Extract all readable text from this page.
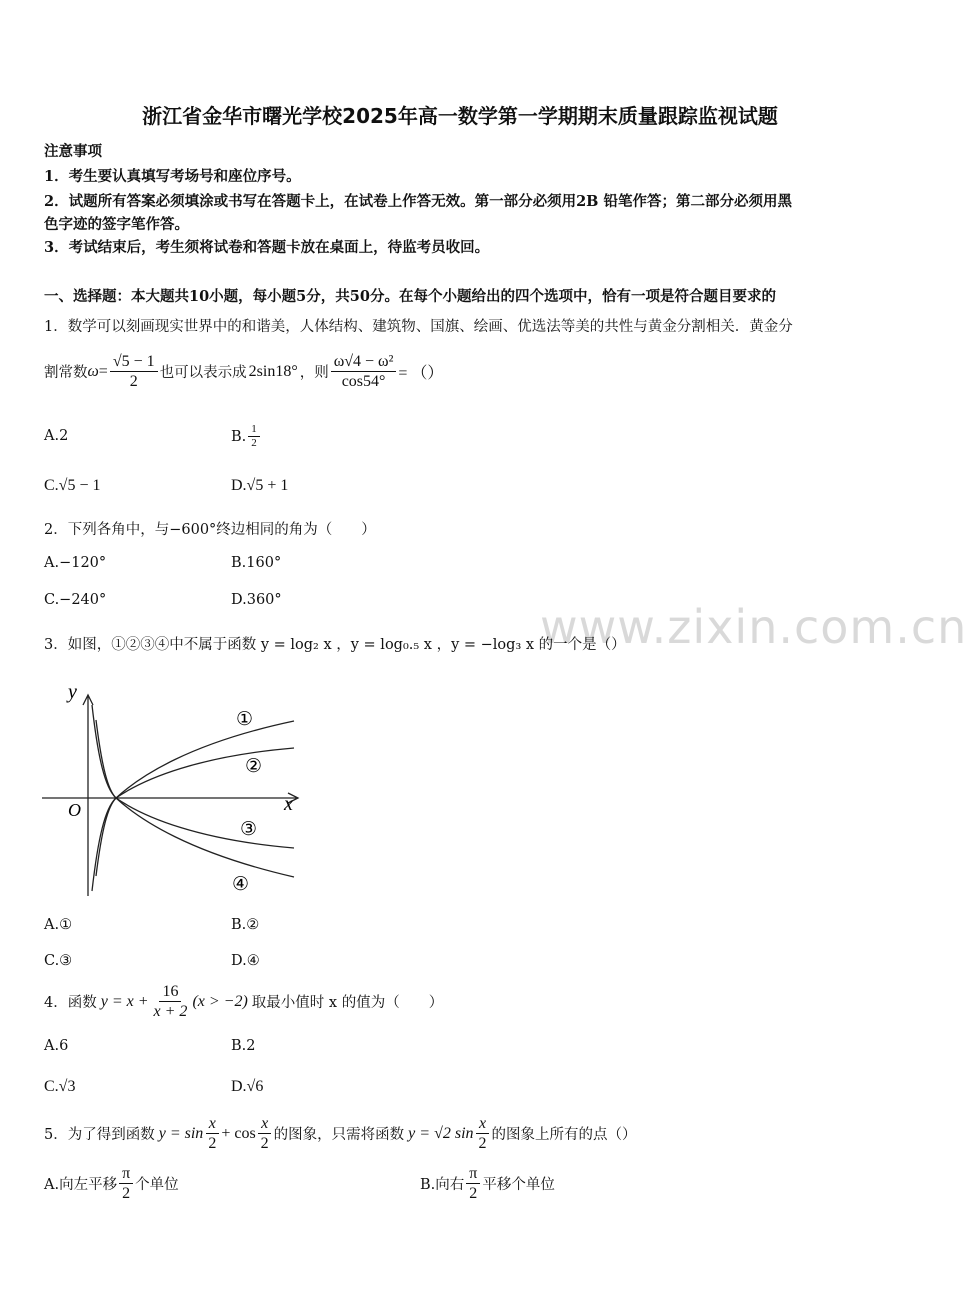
www.zixin.com.cn
浙江省金华市曙光学校2025年高一数学第一学期期末质量跟踪监视试题
注意事项
1．考生要认真填写考场号和座位序号。
2．试题所有答案必须填涂或书写在答题卡上，在试卷上作答无效。第一部分必须用2B 铅笔作答；第二部分必须用黑
色字迹的签字笔作答。
3．考试结束后，考生须将试卷和答题卡放在桌面上，待监考员收回。
一、选择题：本大题共10小题，每小题5分，共50分。在每个小题给出的四个选项中，恰有一项是符合题目要求的
1．数学可以刻画现实世界中的和谐美，人体结构、建筑物、国旗、绘画、优选法等美的共性与黄金分割相关．黄金分
割常数 $\omega = \frac{√5 - 1}{2}$ 也可以表示成 2sin18° ，则 $\frac{\text{ω√4 − ω²}}{\cos 54^\circ}$ = （）
A.2	B. $\frac{1}{2}$
C.√5 − 1	D.√5 + 1
2．下列各角中，与−600°终边相同的角为（　　）
A.−120°	B.160°
C.−240°	D.360°
3．如图，①②③④中不属于函数 y = log₂ x ，y = log₀.₅ x ，y = −log₃ x 的一个是（）
y
x
O
①
②
③
④
A.①	B.②
C.③	D.④
4．函数 $y = x + \frac{16}{x + 2} (x > -2)$ 取最小值时 x 的值为（　　）
A.6	B.2
C.√3	D.√6
5．为了得到函数 $y = \sin \frac{x}{2} + \cos \frac{x}{2}$ 的图象，只需将函数 y = √2 $\sin \frac{x}{2}$ 的图象上所有的点（）
A.向左平移 $\frac{\pi}{2}$ 个单位	B.向右 $\frac{\pi}{2}$ 平移个单位
